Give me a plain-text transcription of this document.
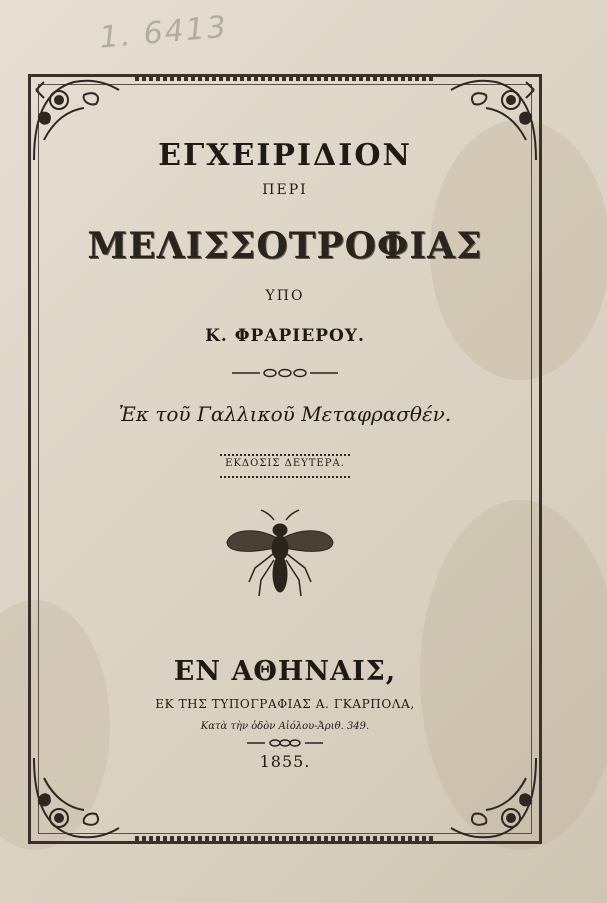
1. 6413
ΕΓΧΕΙΡΙΔΙΟΝ
ΠΕΡΙ
ΜΕΛΙΣΣΟΤΡΟΦΙΑΣ
ΥΠΟ
Κ. ΦΡΑΡΙΕΡΟΥ.
Ἐκ τοῦ Γαλλικοῦ Μεταφρασθέν.
ΕΚΔΟΣΙΣ ΔΕΥΤΕΡΑ.
ΕΝ ΑΘΗΝΑΙΣ,
ΕΚ ΤΗΣ ΤΥΠΟΓΡΑΦΙΑΣ Α. ΓΚΑΡΠΟΛΑ,
Κατὰ τὴν ὁδὸν Αἰόλου-Ἀριθ. 349.
1855.
